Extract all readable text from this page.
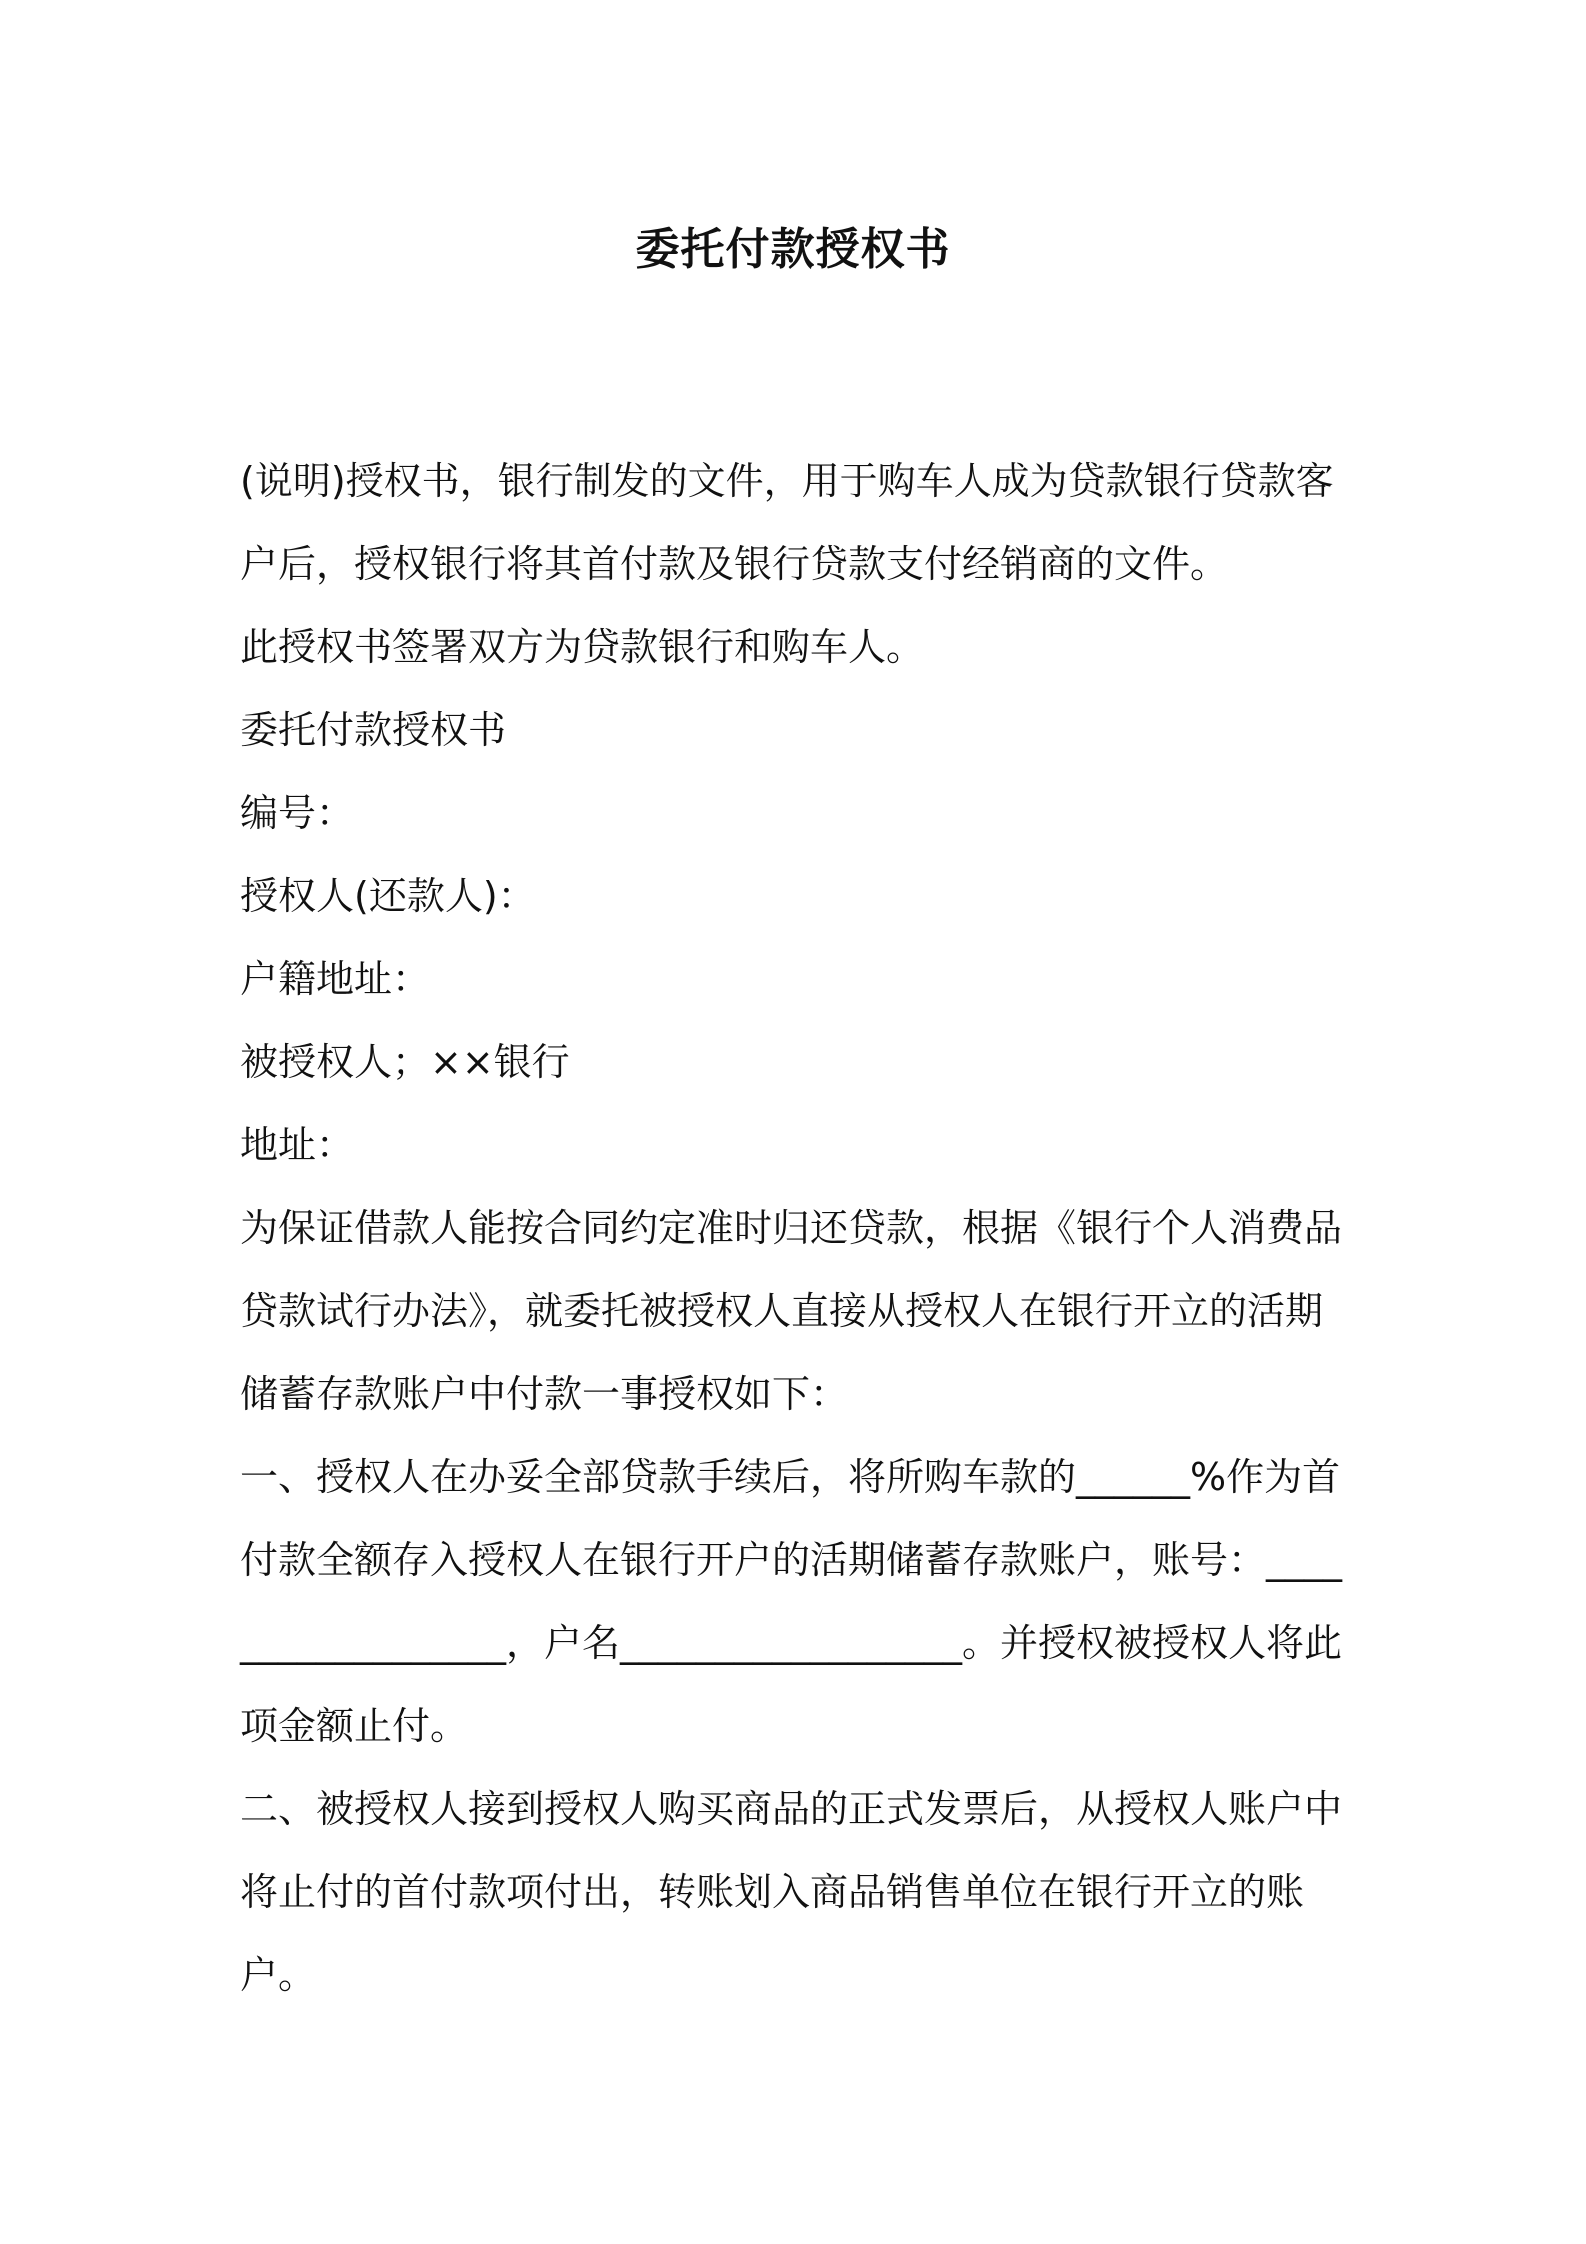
委托付款授权书

(说明)授权书，银行制发的文件，用于购车人成为贷款银行贷款客户后，授权银行将其首付款及银行贷款支付经销商的文件。

此授权书签署双方为贷款银行和购车人。

委托付款授权书

编号：

授权人(还款人)：

户籍地址：

被授权人；××银行

地址：

为保证借款人能按合同约定准时归还贷款，根据《银行个人消费品贷款试行办法》，就委托被授权人直接从授权人在银行开立的活期储蓄存款账户中付款一事授权如下：

一、授权人在办妥全部贷款手续后，将所购车款的______%作为首付款全额存入授权人在银行开户的活期储蓄存款账户，账号：__________________，户名__________________。并授权被授权人将此项金额止付。

二、被授权人接到授权人购买商品的正式发票后，从授权人账户中将止付的首付款项付出，转账划入商品销售单位在银行开立的账户。
